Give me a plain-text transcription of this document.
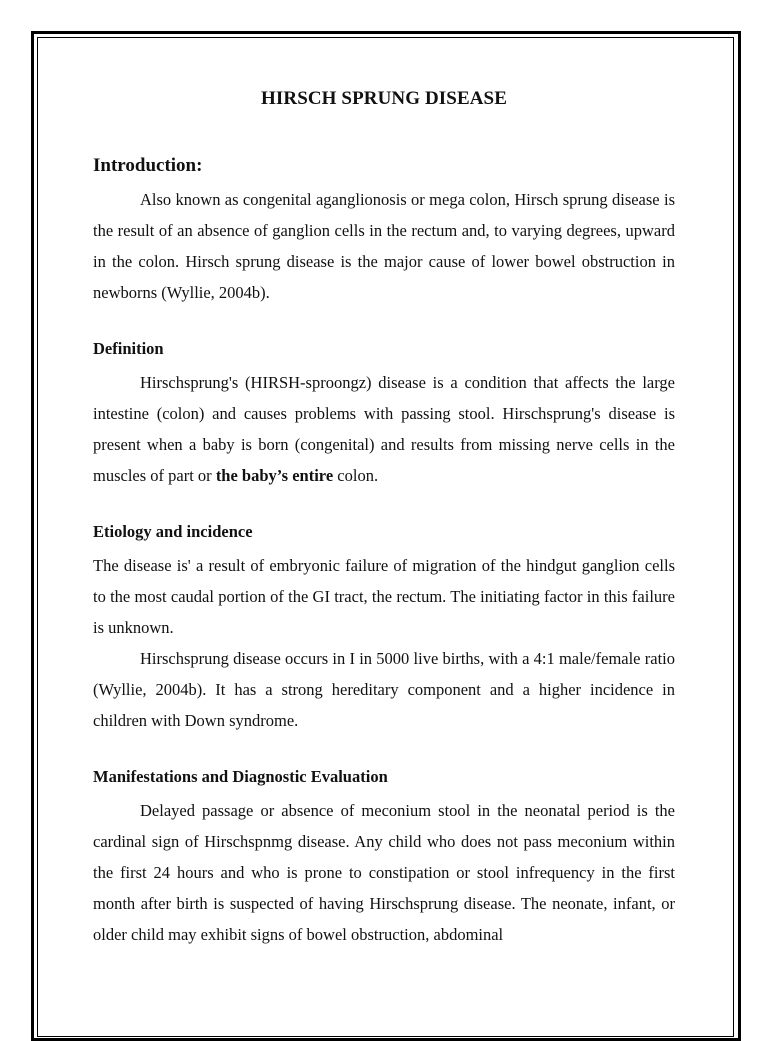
HIRSCH SPRUNG DISEASE
Introduction:

Also known as congenital aganglionosis or mega colon, Hirsch sprung disease is the result of an absence of ganglion cells in the rectum and, to varying degrees, upward in the colon. Hirsch sprung disease is the major cause of lower bowel obstruction in newborns (Wyllie, 2004b).

Definition

Hirschsprung's (HIRSH-sproongz) disease is a condition that affects the large intestine (colon) and causes problems with passing stool. Hirschsprung's disease is present when a baby is born (congenital) and results from missing nerve cells in the muscles of part or the baby’s entire colon.

Etiology and incidence

The disease is' a result of embryonic failure of migration of the hindgut ganglion cells to the most caudal portion of the GI tract, the rectum. The initiating factor in this failure is unknown.

Hirschsprung disease occurs in I in 5000 live births, with a 4:1 male/female ratio (Wyllie, 2004b). It has a strong hereditary component and a higher incidence in children with Down syndrome.

Manifestations and Diagnostic Evaluation

Delayed passage or absence of meconium stool in the neonatal period is the cardinal sign of Hirschspnmg disease. Any child who does not pass meconium within the first 24 hours and who is prone to constipation or stool infrequency in the first month after birth is suspected of having Hirschsprung disease. The neonate, infant, or older child may exhibit signs of bowel obstruction, abdominal
